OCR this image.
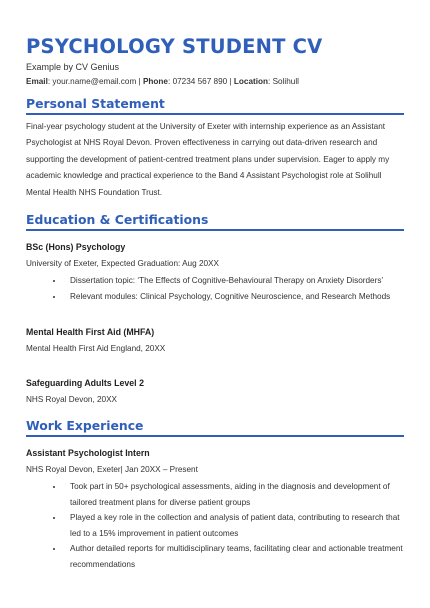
PSYCHOLOGY STUDENT CV
Example by CV Genius
Email: your.name@email.com | Phone: 07234 567 890 | Location: Solihull
Personal Statement
Final-year psychology student at the University of Exeter with internship experience as an Assistant Psychologist at NHS Royal Devon. Proven effectiveness in carrying out data-driven research and supporting the development of patient-centred treatment plans under supervision. Eager to apply my academic knowledge and practical experience to the Band 4 Assistant Psychologist role at Solihull Mental Health NHS Foundation Trust.
Education & Certifications
BSc (Hons) Psychology
University of Exeter, Expected Graduation: Aug 20XX
• Dissertation topic: ‘The Effects of Cognitive-Behavioural Therapy on Anxiety Disorders’
• Relevant modules: Clinical Psychology, Cognitive Neuroscience, and Research Methods
Mental Health First Aid (MHFA)
Mental Health First Aid England, 20XX
Safeguarding Adults Level 2
NHS Royal Devon, 20XX
Work Experience
Assistant Psychologist Intern
NHS Royal Devon, Exeter| Jan 20XX – Present
• Took part in 50+ psychological assessments, aiding in the diagnosis and development of tailored treatment plans for diverse patient groups
• Played a key role in the collection and analysis of patient data, contributing to research that led to a 15% improvement in patient outcomes
• Author detailed reports for multidisciplinary teams, facilitating clear and actionable treatment recommendations
